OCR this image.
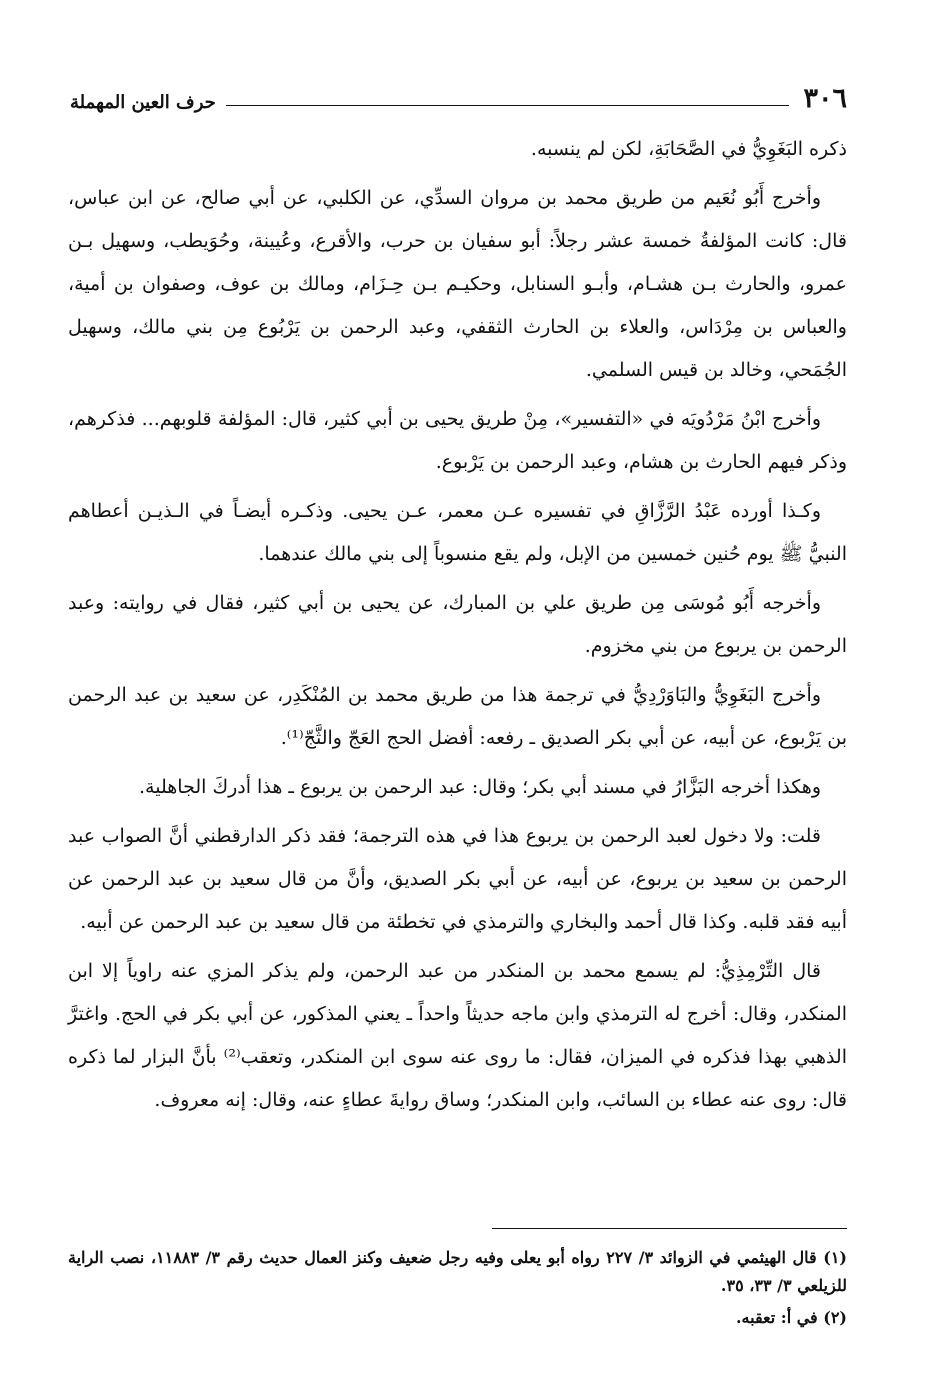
٣٠٦
حرف العين المهملة

ذكره البَغَوِيُّ في الصَّحَابَةِ، لكن لم ينسبه.

وأخرج أَبُو نُعَيم من طريق محمد بن مروان السدِّي، عن الكلبي، عن أبي صالح، عن ابن عباس، قال: كانت المؤلفةُ خمسة عشر رجلاً: أبو سفيان بن حرب، والأقرع، وعُيينة، وحُوَيطب، وسهيل بـن عمرو، والحارث بـن هشـام، وأبـو السنابل، وحكيـم بـن حِـزَام، ومالك بن عوف، وصفوان بن أمية، والعباس بن مِرْدَاس، والعلاء بن الحارث الثقفي، وعبد الرحمن بن يَرْبُوع مِن بني مالك، وسهيل الجُمَحي، وخالد بن قيس السلمي.

وأخرج ابْنُ مَرْدُويَه في «التفسير»، مِنْ طريق يحيى بن أبي كثير، قال: المؤلفة قلوبهم... فذكرهم، وذكر فيهم الحارث بن هشام، وعبد الرحمن بن يَرْبوع.

وكـذا أورده عَبْدُ الرَّزَّاقِ في تفسيره عـن معمر، عـن يحيى. وذكـره أيضـاً في الـذيـن أعطاهم النبيُّ ﷺ يوم حُنين خمسين من الإبل، ولم يقع منسوباً إلى بني مالك عندهما.

وأخرجه أَبُو مُوسَى مِن طريق علي بن المبارك، عن يحيى بن أبي كثير، فقال في روايته: وعبد الرحمن بن يربوع من بني مخزوم.

وأخرج البَغَوِيُّ والبَاوَرْدِيُّ في ترجمة هذا من طريق محمد بن المُنْكَدِر، عن سعيد بن عبد الرحمن بن يَرْبوع، عن أبيه، عن أبي بكر الصديق ـ رفعه: أفضل الحج العَجّ والثَّجّ⁽¹⁾.

وهكذا أخرجه البَزَّارُ في مسند أبي بكر؛ وقال: عبد الرحمن بن يربوع ـ هذا أدركَ الجاهلية.

قلت: ولا دخول لعبد الرحمن بن يربوع هذا في هذه الترجمة؛ فقد ذكر الدارقطني أنَّ الصواب عبد الرحمن بن سعيد بن يربوع، عن أبيه، عن أبي بكر الصديق، وأنَّ من قال سعيد بن عبد الرحمن عن أبيه فقد قلبه. وكذا قال أحمد والبخاري والترمذي في تخطئة من قال سعيد بن عبد الرحمن عن أبيه.

قال التِّرْمِذِيُّ: لم يسمع محمد بن المنكدر من عبد الرحمن، ولم يذكر المزي عنه راوياً إلا ابن المنكدر، وقال: أخرج له الترمذي وابن ماجه حديثاً واحداً ـ يعني المذكور، عن أبي بكر في الحج. واغترَّ الذهبي بهذا فذكره في الميزان، فقال: ما روى عنه سوى ابن المنكدر، وتعقب⁽²⁾ بأنَّ البزار لما ذكره قال: روى عنه عطاء بن السائب، وابن المنكدر؛ وساق روايةَ عطاءٍ عنه، وقال: إنه معروف.

(١) قال الهيثمي في الزوائد ٣/ ٢٢٧ رواه أبو يعلى وفيه رجل ضعيف وكنز العمال حديث رقم ٣/ ١١٨٨٣، نصب الراية للزيلعي ٣/ ٣٣، ٣٥.

(٢) في أ: تعقبه.
